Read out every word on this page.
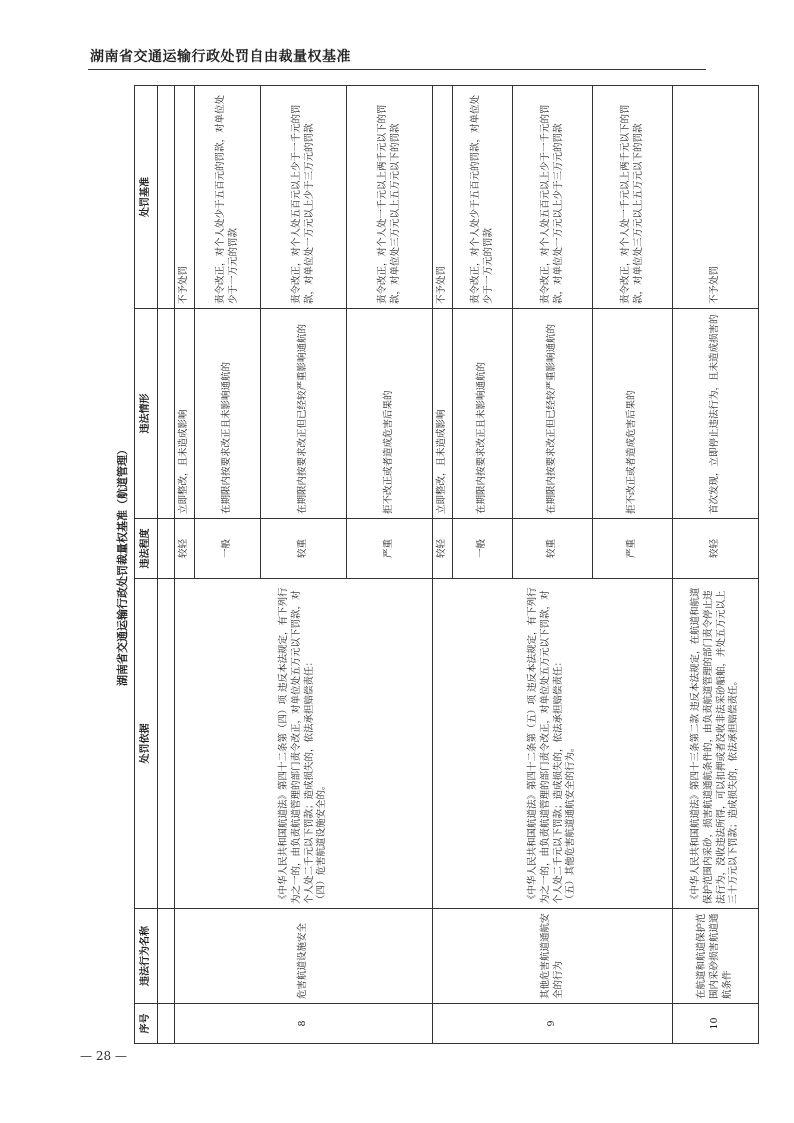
湖南省交通运输行政处罚自由裁量权基准
湖南省交通运输行政处罚裁量权基准（航道管理）
序号	违法行为名称	处罚依据	违法程度	违法情形	处罚基准

8	危害航道设施安全	《中华人民共和国航道法》第四十二条第（四）项 违反本法规定，有下列行为之一的，由负责航道管理的部门责令改正，对单位处五万元以下罚款，对个人处二千元以下罚款；造成损失的，依法承担赔偿责任： （四）危害航道设施安全的。	较轻	立即整改，且未造成影响	不予处罚
			一般	在期限内按要求改正且未影响通航的	责令改正，对个人处少于五百元的罚款，对单位处少于一万元的罚款
			较重	在期限内按要求改正但已经较严重影响通航的	责令改正，对个人处五百元以上少于一千元的罚款，对单位处一万元以上少于三万元的罚款
			严重	拒不改正或者造成危害后果的	责令改正，对个人处一千元以上两千元以下的罚款，对单位处三万元以上五万元以下的罚款
9	其他危害航道通航安全的行为	《中华人民共和国航道法》第四十二条第（五）项 违反本法规定，有下列行为之一的，由负责航道管理的部门责令改正，对单位处五万元以下罚款，对个人处二千元以下罚款；造成损失的，依法承担赔偿责任： （五）其他危害航道通航安全的行为。	较轻	立即整改，且未造成影响	不予处罚
			一般	在期限内按要求改正且未影响通航的	责令改正，对个人处少于五百元的罚款，对单位处少于一万元的罚款
			较重	在期限内按要求改正但已经较严重影响通航的	责令改正，对个人处五百元以上少于一千元的罚款，对单位处一万元以上少于三万元的罚款
			严重	拒不改正或者造成危害后果的	责令改正，对个人处一千元以上两千元以下的罚款，对单位处三万元以上五万元以下的罚款
10	在航道和航道保护范围内采砂损害航道通航条件	《中华人民共和国航道法》第四十三条第二款 违反本法规定，在航道和航道保护范围内采砂，损害航道通航条件的，由负责航道管理的部门责令停止违法行为，没收违法所得，可以扣押或者没收非法采砂船舶，并处五万元以上三十万元以下罚款；造成损失的，依法承担赔偿责任。	较轻	首次发现，立即停止违法行为，且未造成损害的	不予处罚
— 28 —
